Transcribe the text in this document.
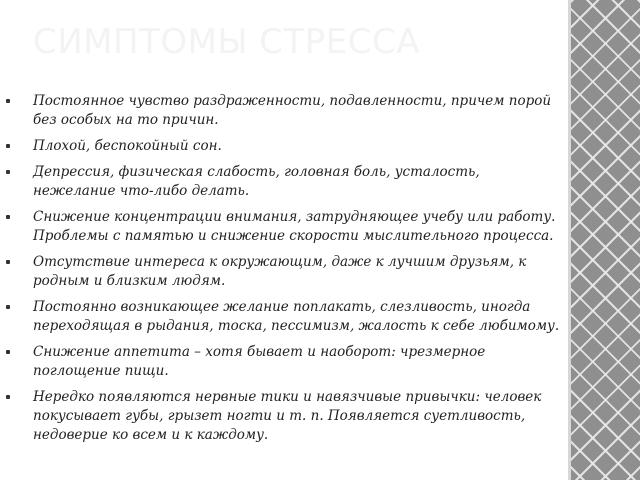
СИМПТОМЫ СТРЕССА
Постоянное чувство раздраженности, подавленности, причем порой без особых на то причин.
Плохой, беспокойный сон.
Депрессия, физическая слабость, головная боль, усталость, нежелание что-либо делать.
Снижение концентрации внимания, затрудняющее учебу или работу. Проблемы с памятью и снижение скорости мыслительного процесса.
Отсутствие интереса к окружающим, даже к лучшим друзьям, к родным и близким людям.
Постоянно возникающее желание поплакать, слезливость, иногда переходящая в рыдания, тоска, пессимизм, жалость к себе любимому.
Снижение аппетита – хотя бывает и наоборот: чрезмерное поглощение пищи.
Нередко появляются нервные тики и навязчивые привычки: человек покусывает губы, грызет ногти и т. п. Появляется суетливость, недоверие ко всем и к каждому.
